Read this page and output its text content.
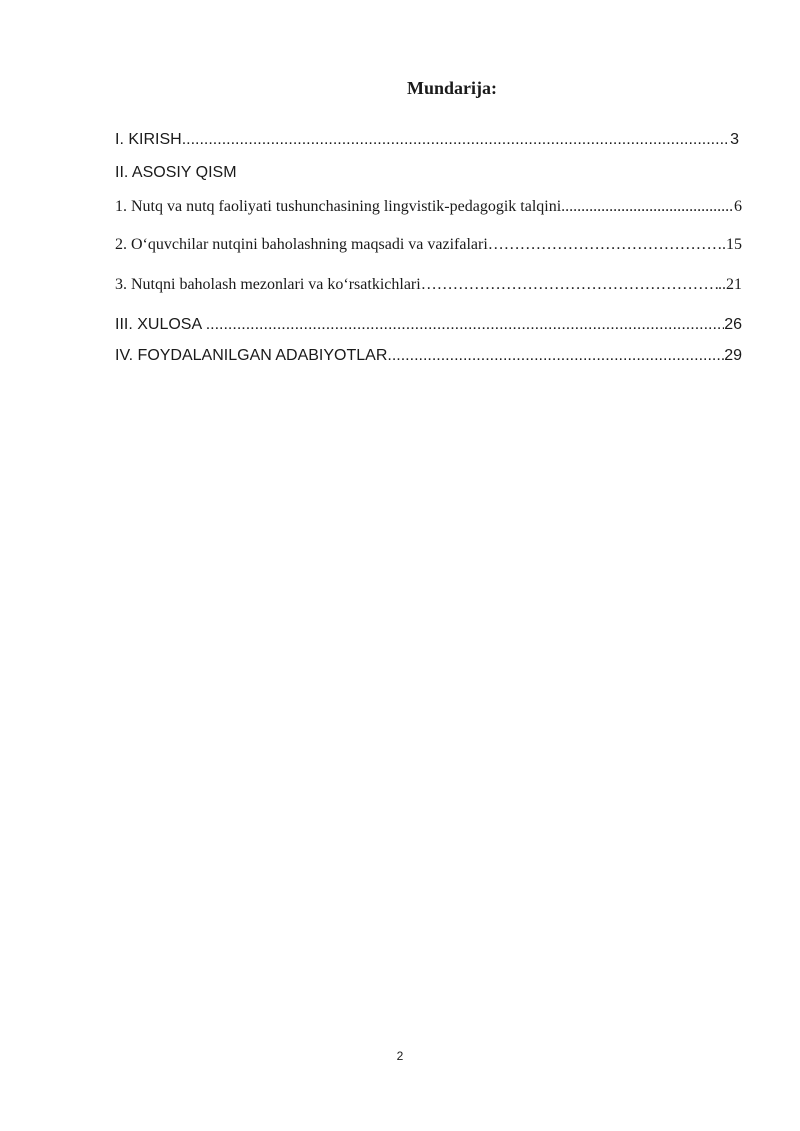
Mundarija:
I. KIRISH .....	3
II. ASOSIY QISM
1. Nutq va nutq faoliyati tushunchasining lingvistik-pedagogik talqini .....	6
2. O‘quvchilar nutqini baholashning maqsadi va vazifalari ……………………………………………………………………………………………………………………………………………………	.15
3. Nutqni baholash mezonlari va ko‘rsatkichlari ……………………………………………………………………………………………………………………………………………………	..21
III. XULOSA .....	26
IV. FOYDALANILGAN ADABIYOTLAR .....	29
2
